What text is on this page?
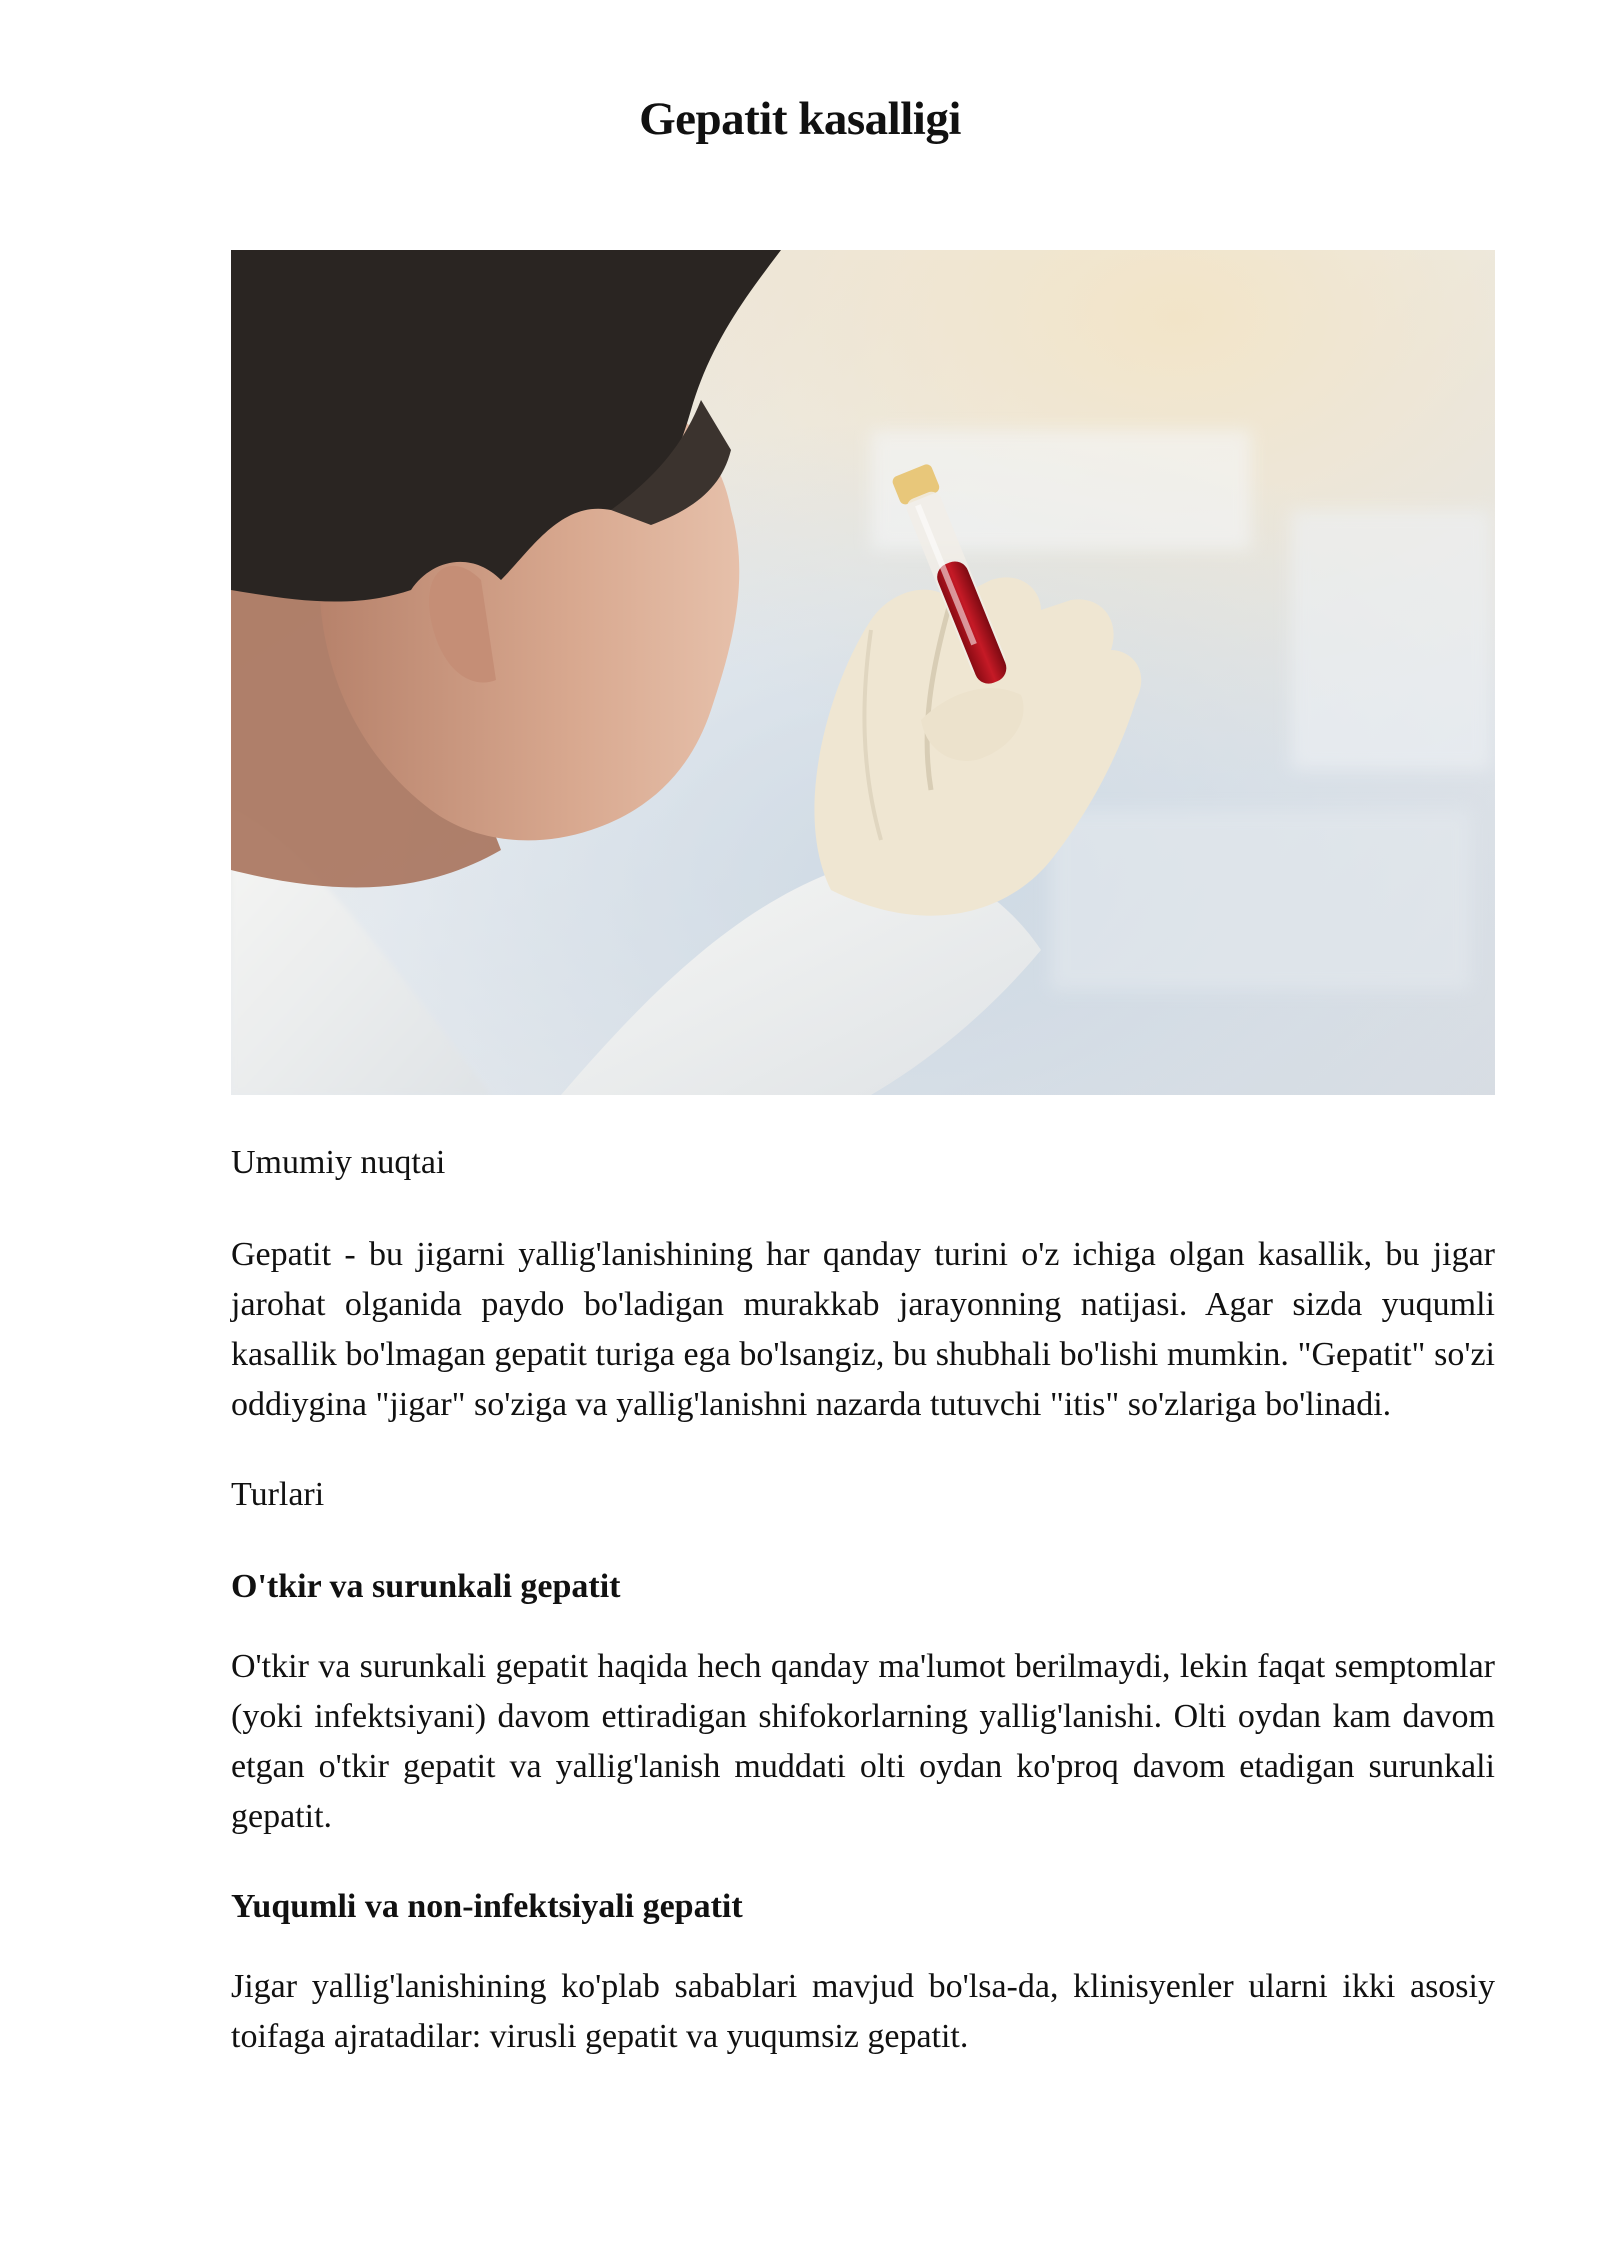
Gepatit kasalligi

Umumiy nuqtai

Gepatit - bu jigarni yallig'lanishining har qanday turini o'z ichiga olgan kasallik, bu jigar jarohat olganida paydo bo'ladigan murakkab jarayonning natijasi. Agar sizda yuqumli kasallik bo'lmagan gepatit turiga ega bo'lsangiz, bu shubhali bo'lishi mumkin. "Gepatit" so'zi oddiygina "jigar" so'ziga va yallig'lanishni nazarda tutuvchi "itis" so'zlariga bo'linadi.

Turlari

O'tkir va surunkali gepatit

O'tkir va surunkali gepatit haqida hech qanday ma'lumot berilmaydi, lekin faqat semptomlar (yoki infektsiyani) davom ettiradigan shifokorlarning yallig'lanishi. Olti oydan kam davom etgan o'tkir gepatit va yallig'lanish muddati olti oydan ko'proq davom etadigan surunkali gepatit.

Yuqumli va non-infektsiyali gepatit

Jigar yallig'lanishining ko'plab sabablari mavjud bo'lsa-da, klinisyenler ularni ikki asosiy toifaga ajratadilar: virusli gepatit va yuqumsiz gepatit.
